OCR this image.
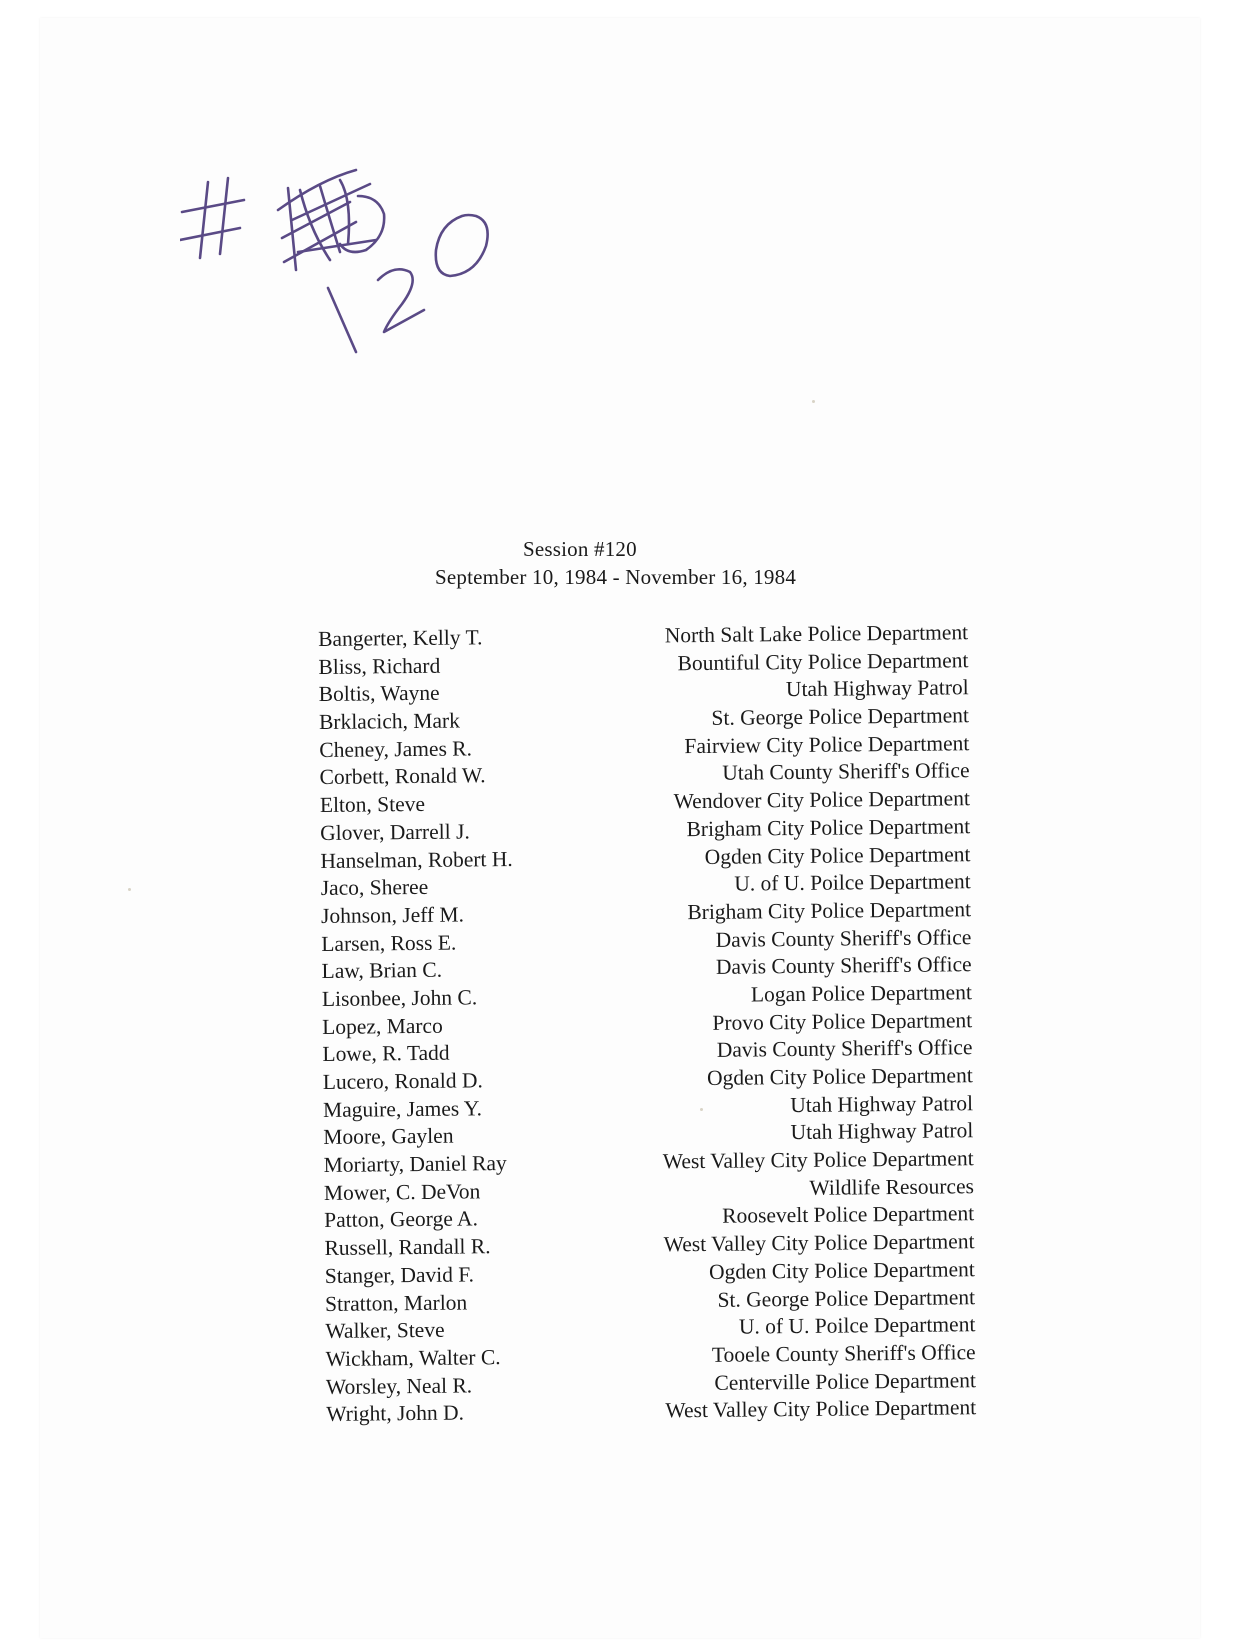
Session #120
September 10, 1984 - November 16, 1984
Bangerter, Kelly T.	North Salt Lake Police Department
Bliss, Richard	Bountiful City Police Department
Boltis, Wayne	Utah Highway Patrol
Brklacich, Mark	St. George Police Department
Cheney, James R.	Fairview City Police Department
Corbett, Ronald W.	Utah County Sheriff's Office
Elton, Steve	Wendover City Police Department
Glover, Darrell J.	Brigham City Police Department
Hanselman, Robert H.	Ogden City Police Department
Jaco, Sheree	U. of U. Poilce Department
Johnson, Jeff M.	Brigham City Police Department
Larsen, Ross E.	Davis County Sheriff's Office
Law, Brian C.	Davis County Sheriff's Office
Lisonbee, John C.	Logan Police Department
Lopez, Marco	Provo City Police Department
Lowe, R. Tadd	Davis County Sheriff's Office
Lucero, Ronald D.	Ogden City Police Department
Maguire, James Y.	Utah Highway Patrol
Moore, Gaylen	Utah Highway Patrol
Moriarty, Daniel Ray	West Valley City Police Department
Mower, C. DeVon	Wildlife Resources
Patton, George A.	Roosevelt Police Department
Russell, Randall R.	West Valley City Police Department
Stanger, David F.	Ogden City Police Department
Stratton, Marlon	St. George Police Department
Walker, Steve	U. of U. Poilce Department
Wickham, Walter C.	Tooele County Sheriff's Office
Worsley, Neal R.	Centerville Police Department
Wright, John D.	West Valley City Police Department
